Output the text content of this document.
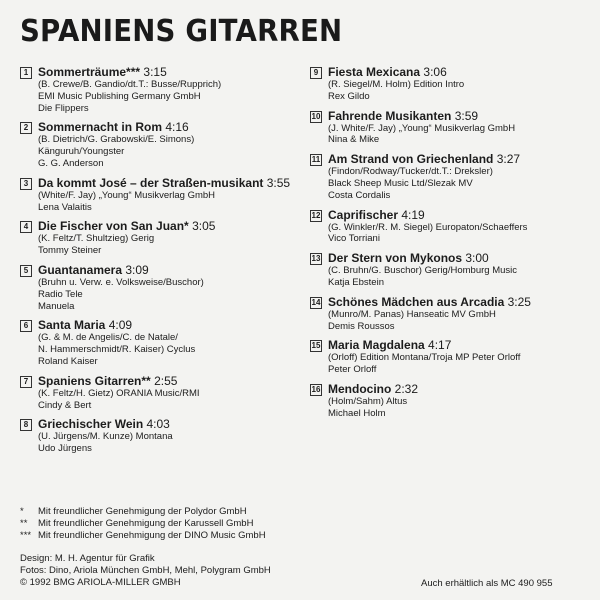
SPANIENS GITARREN
1 Sommerträume*** 3:15
(B. Crewe/B. Gandio/dt.T.: Busse/Rupprich)
EMI Music Publishing Germany GmbH
Die Flippers
2 Sommernacht in Rom 4:16
(B. Dietrich/G. Grabowski/E. Simons)
Känguruh/Youngster
G. G. Anderson
3 Da kommt José – der Straßen-musikant 3:55
(White/F. Jay) „Young“ Musikverlag GmbH
Lena Valaitis
4 Die Fischer von San Juan* 3:05
(K. Feltz/T. Shultzieg) Gerig
Tommy Steiner
5 Guantanamera 3:09
(Bruhn u. Verw. e. Volksweise/Buschor)
Radio Tele
Manuela
6 Santa Maria 4:09
(G. & M. de Angelis/C. de Natale/
N. Hammerschmidt/R. Kaiser) Cyclus
Roland Kaiser
7 Spaniens Gitarren** 2:55
(K. Feltz/H. Gietz) ORANIA Music/RMI
Cindy & Bert
8 Griechischer Wein 4:03
(U. Jürgens/M. Kunze) Montana
Udo Jürgens
9 Fiesta Mexicana 3:06
(R. Siegel/M. Holm) Edition Intro
Rex Gildo
10 Fahrende Musikanten 3:59
(J. White/F. Jay) „Young“ Musikverlag GmbH
Nina & Mike
11 Am Strand von Griechenland 3:27
(Findon/Rodway/Tucker/dt.T.: Dreksler)
Black Sheep Music Ltd/Slezak MV
Costa Cordalis
12 Caprifischer 4:19
(G. Winkler/R. M. Siegel) Europaton/Schaeffers
Vico Torriani
13 Der Stern von Mykonos 3:00
(C. Bruhn/G. Buschor) Gerig/Homburg Music
Katja Ebstein
14 Schönes Mädchen aus Arcadia 3:25
(Munro/M. Panas) Hanseatic MV GmbH
Demis Roussos
15 Maria Magdalena 4:17
(Orloff) Edition Montana/Troja MP Peter Orloff
Peter Orloff
16 Mendocino 2:32
(Holm/Sahm) Altus
Michael Holm
* Mit freundlicher Genehmigung der Polydor GmbH
** Mit freundlicher Genehmigung der Karussell GmbH
*** Mit freundlicher Genehmigung der DINO Music GmbH
Design: M. H. Agentur für Grafik
Fotos: Dino, Ariola München GmbH, Mehl, Polygram GmbH
© 1992 BMG ARIOLA-MILLER GMBH	Auch erhältlich als MC 490 955
